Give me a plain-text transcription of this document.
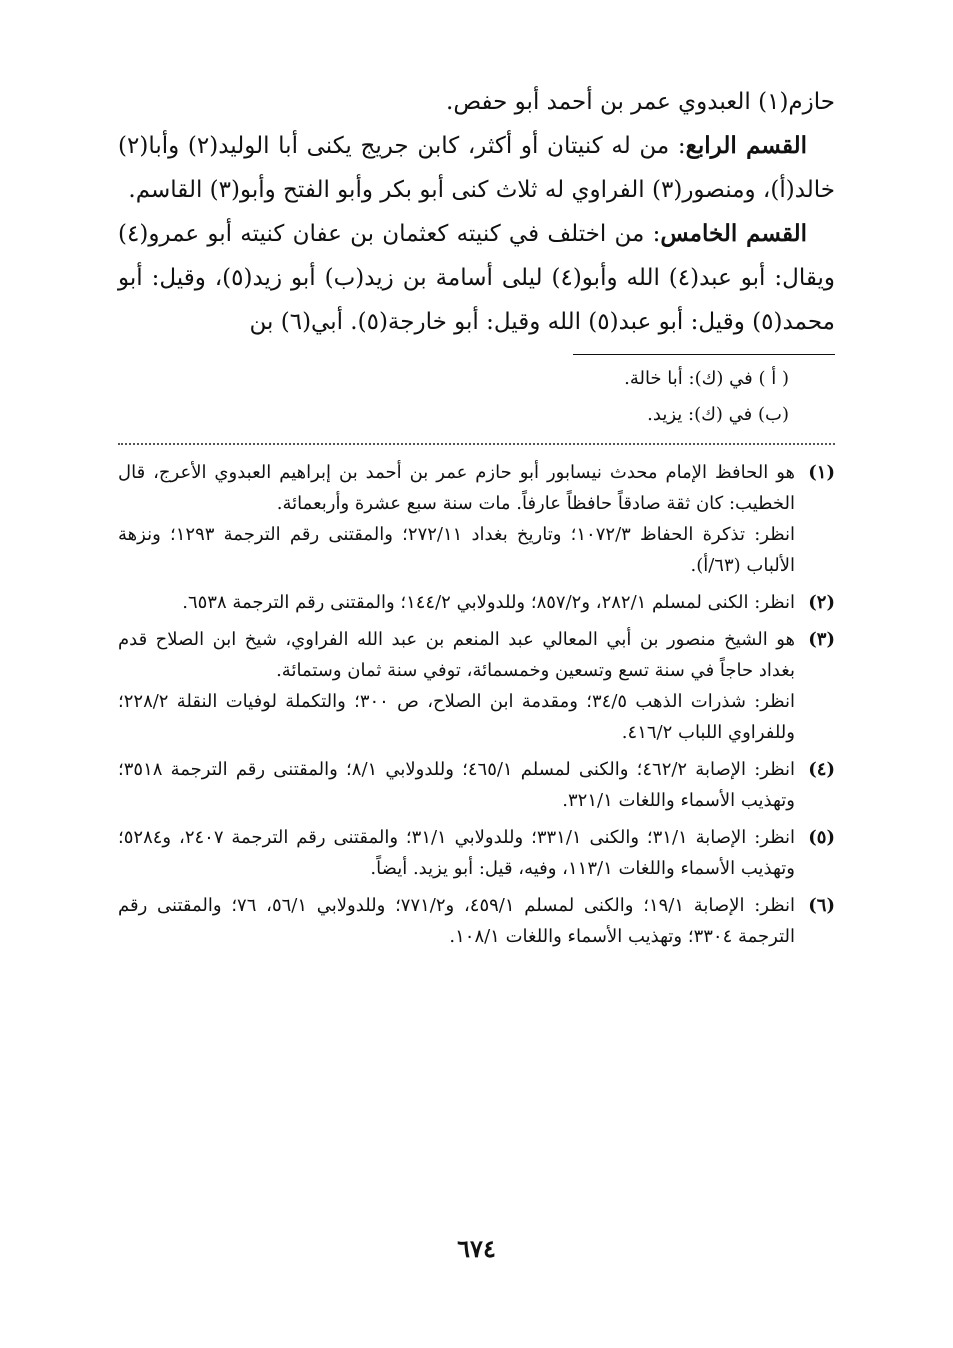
حازم‏(١) العبدوي عمر بن أحمد أبو حفص.

القسم الرابع: من له كنيتان أو أكثر، كابن جريج يكنى أبا الوليد(٢) وأبا(٢) خالد(أ)، ومنصور(٣) الفراوي له ثلاث كنى أبو بكر وأبو الفتح وأبو(٣) القاسم.

القسم الخامس: من اختلف في كنيته كعثمان بن عفان كنيته أبو عمرو(٤) ويقال: أبو عبد(٤) الله وأبو(٤) ليلى أسامة بن زيد(ب) أبو زيد(٥)، وقيل: أبو محمد(٥) وقيل: أبو عبد(٥) الله وقيل: أبو خارجة(٥). أبي(٦) بن

( أ ) في (ك): أبا خالة.
(ب) في (ك): يزيد.
(١)

هو الحافظ الإمام محدث نيسابور أبو حازم عمر بن أحمد بن إبراهيم العبدوي الأعرج، قال الخطيب: كان ثقة صادقاً حافظاً عارفاً. مات سنة سبع عشرة وأربعمائة.

انظر: تذكرة الحفاظ ١٠٧٢/٣؛ وتاريخ بغداد ٢٧٢/١١؛ والمقتنى رقم الترجمة ١٢٩٣؛ ونزهة الألباب (٦٣/أ).

(٢)

انظر: الكنى لمسلم ٢٨٢/١، و٨٥٧/٢؛ وللدولابي ١٤٤/٢؛ والمقتنى رقم الترجمة ٦٥٣٨.

(٣)

هو الشيخ منصور بن أبي المعالي عبد المنعم بن عبد الله الفراوي، شيخ ابن الصلاح قدم بغداد حاجاً في سنة تسع وتسعين وخمسمائة، توفي سنة ثمان وستمائة.

انظر: شذرات الذهب ٣٤/٥؛ ومقدمة ابن الصلاح، ص ٣٠٠؛ والتكملة لوفيات النقلة ٢٢٨/٢؛ وللفراوي اللباب ٤١٦/٢.

(٤)

انظر: الإصابة ٤٦٢/٢؛ والكنى لمسلم ٤٦٥/١؛ وللدولابي ٨/١؛ والمقتنى رقم الترجمة ٣٥١٨؛ وتهذيب الأسماء واللغات ٣٢١/١.

(٥)

انظر: الإصابة ٣١/١؛ والكنى ٣٣١/١؛ وللدولابي ٣١/١؛ والمقتنى رقم الترجمة ٢٤٠٧، و٥٢٨٤؛ وتهذيب الأسماء واللغات ١١٣/١، وفيه، قيل: أبو يزيد. أيضاً.

(٦)

انظر: الإصابة ١٩/١؛ والكنى لمسلم ٤٥٩/١، و٧٧١/٢؛ وللدولابي ٥٦/١، ٧٦؛ والمقتنى رقم الترجمة ٣٣٠٤؛ وتهذيب الأسماء واللغات ١٠٨/١.

٦٧٤
